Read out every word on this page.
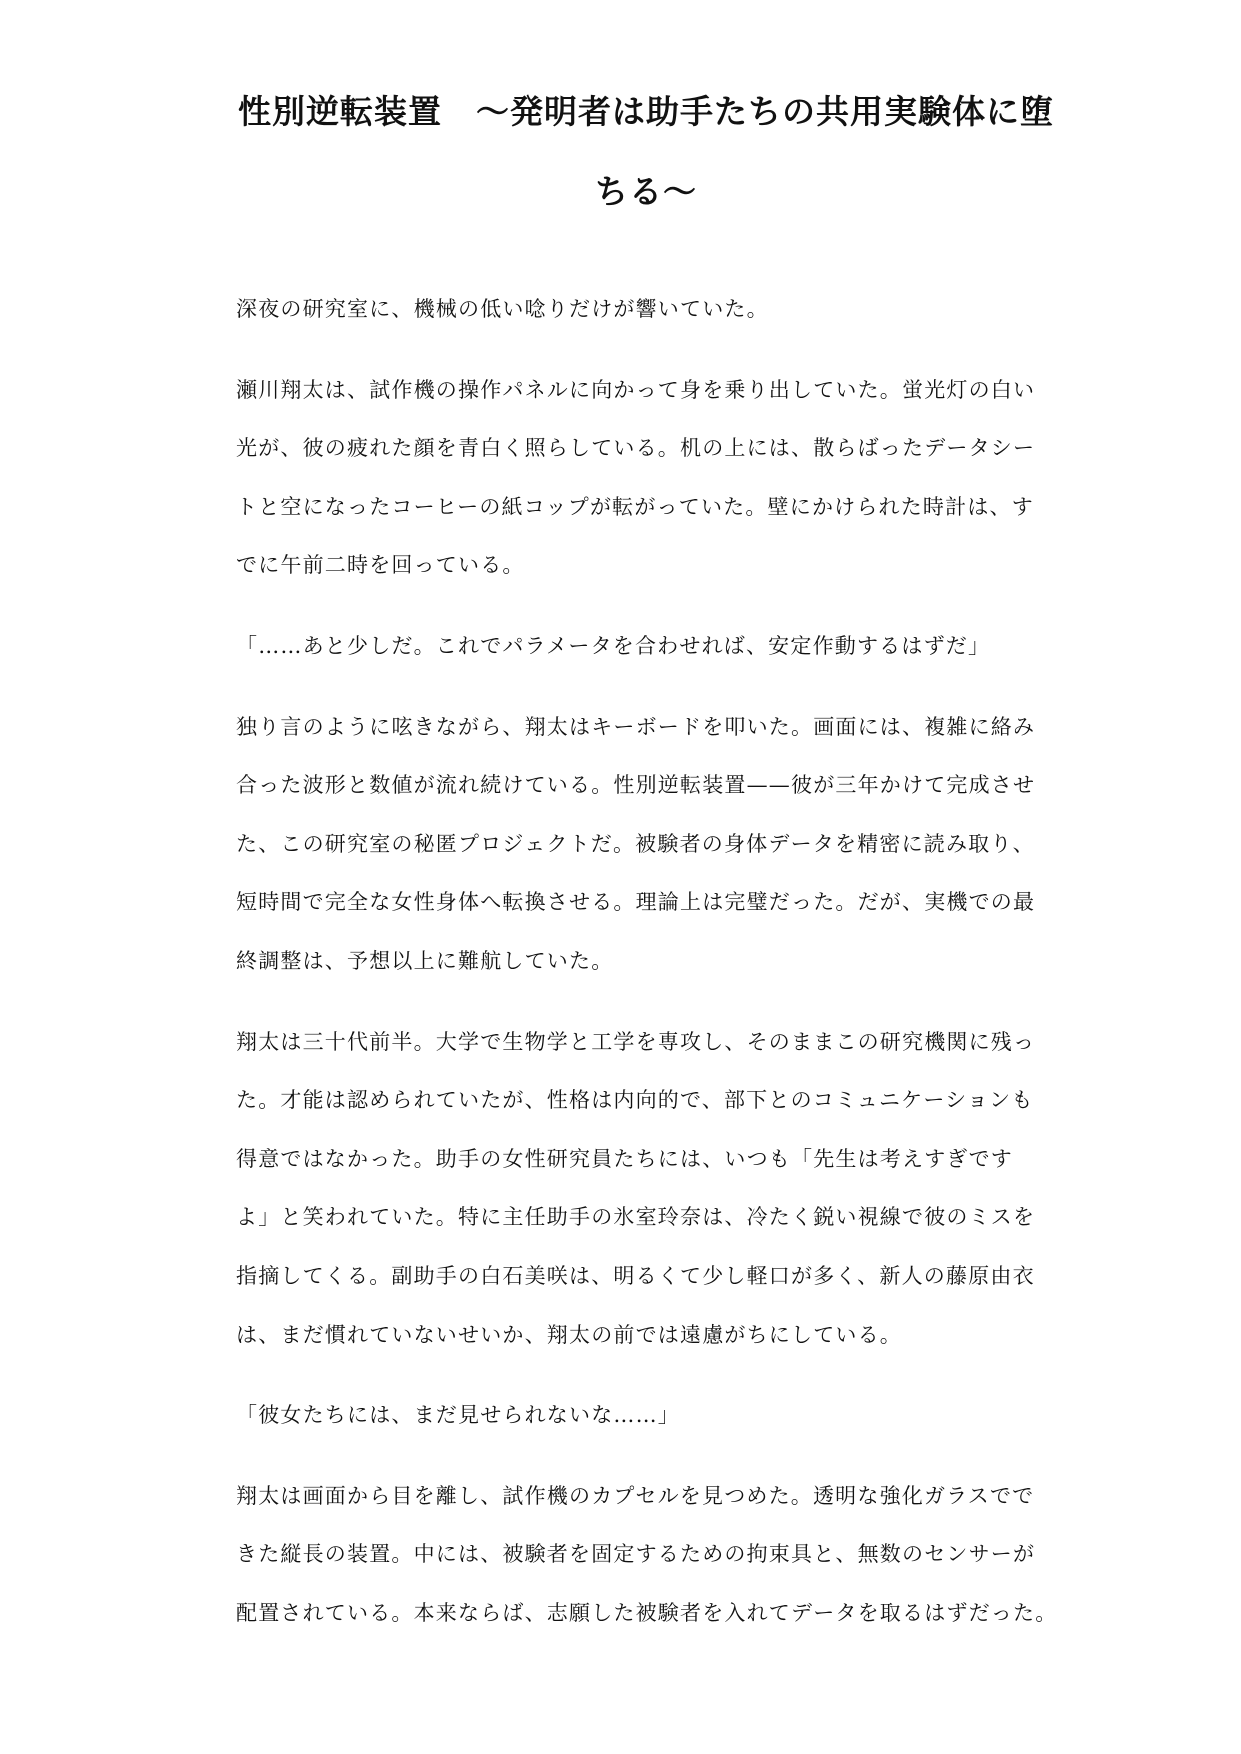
性別逆転装置　〜発明者は助手たちの共用実験体に堕
ちる〜

深夜の研究室に、機械の低い唸りだけが響いていた。

瀬川翔太は、試作機の操作パネルに向かって身を乗り出していた。蛍光灯の白い
光が、彼の疲れた顔を青白く照らしている。机の上には、散らばったデータシー
トと空になったコーヒーの紙コップが転がっていた。壁にかけられた時計は、す
でに午前二時を回っている。

「……あと少しだ。これでパラメータを合わせれば、安定作動するはずだ」

独り言のように呟きながら、翔太はキーボードを叩いた。画面には、複雑に絡み
合った波形と数値が流れ続けている。性別逆転装置——彼が三年かけて完成させ
た、この研究室の秘匿プロジェクトだ。被験者の身体データを精密に読み取り、
短時間で完全な女性身体へ転換させる。理論上は完璧だった。だが、実機での最
終調整は、予想以上に難航していた。

翔太は三十代前半。大学で生物学と工学を専攻し、そのままこの研究機関に残っ
た。才能は認められていたが、性格は内向的で、部下とのコミュニケーションも
得意ではなかった。助手の女性研究員たちには、いつも「先生は考えすぎです
よ」と笑われていた。特に主任助手の氷室玲奈は、冷たく鋭い視線で彼のミスを
指摘してくる。副助手の白石美咲は、明るくて少し軽口が多く、新人の藤原由衣
は、まだ慣れていないせいか、翔太の前では遠慮がちにしている。

「彼女たちには、まだ見せられないな……」

翔太は画面から目を離し、試作機のカプセルを見つめた。透明な強化ガラスでで
きた縦長の装置。中には、被験者を固定するための拘束具と、無数のセンサーが
配置されている。本来ならば、志願した被験者を入れてデータを取るはずだった。
